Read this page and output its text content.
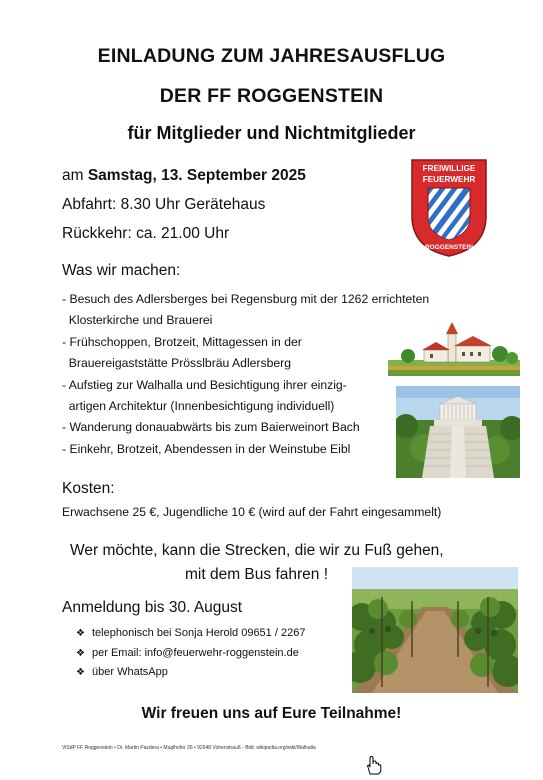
EINLADUNG ZUM JAHRESAUSFLUG
DER FF ROGGENSTEIN
für Mitglieder und Nichtmitglieder
am Samstag, 13. September 2025
Abfahrt: 8.30 Uhr Gerätehaus
Rückkehr: ca. 21.00 Uhr
FREIWILLIGE
FEUERWEHR
ROGGENSTEIN
Was wir machen:
- Besuch des Adlersberges bei Regensburg mit der 1262 errichteten
Klosterkirche und Brauerei
- Frühschoppen, Brotzeit, Mittagessen in der
Brauereigaststätte Prösslbräu Adlersberg
- Aufstieg zur Walhalla und Besichtigung ihrer einzig-
artigen Architektur (Innenbesichtigung individuell)
- Wanderung donauabwärts bis zum Baierweinort Bach
- Einkehr, Brotzeit, Abendessen in der Weinstube Eibl
Kosten:
Erwachsene 25 €, Jugendliche 10 € (wird auf der Fahrt eingesammelt)
Wer möchte, kann die Strecken, die wir zu Fuß gehen,
mit dem Bus fahren !
Anmeldung bis 30. August
❖ telephonisch bei Sonja Herold 09651 / 2267
❖ per Email: info@feuerwehr-roggenstein.de
❖ über WhatsApp
Wir freuen uns auf Eure Teilnahme!
ViSdP FF Roggenstein • Dr. Martin Pazdera • Muglhofer 26 • 92648 Vohenstrauß - Bild: wikipedia.org/wiki/Walhalla
